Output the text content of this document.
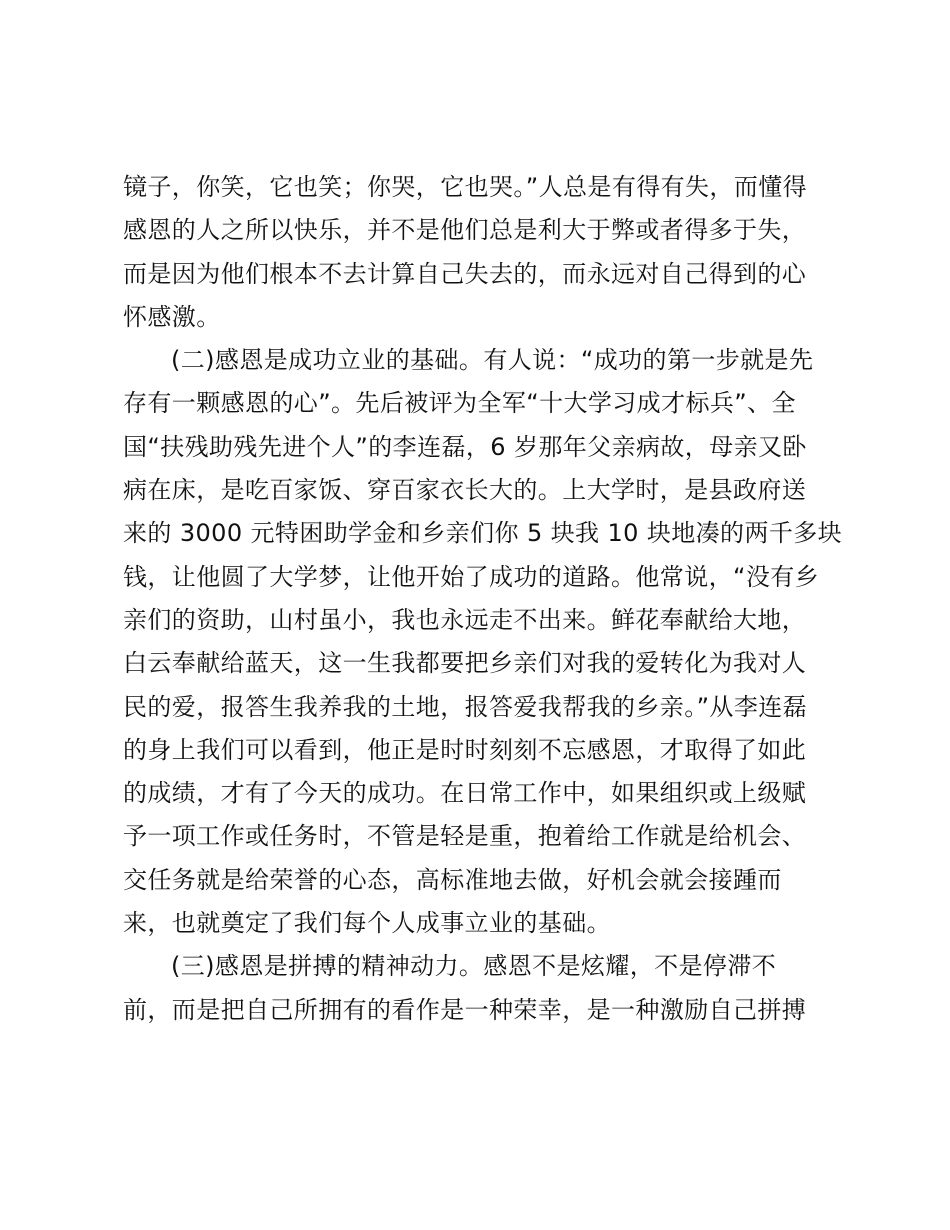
镜子，你笑，它也笑；你哭，它也哭。”人总是有得有失，而懂得
感恩的人之所以快乐，并不是他们总是利大于弊或者得多于失，
而是因为他们根本不去计算自己失去的，而永远对自己得到的心
怀感激。
(二)感恩是成功立业的基础。有人说：“成功的第一步就是先
存有一颗感恩的心”。先后被评为全军“十大学习成才标兵”、全
国“扶残助残先进个人”的李连磊，6 岁那年父亲病故，母亲又卧
病在床，是吃百家饭、穿百家衣长大的。上大学时，是县政府送
来的 3000 元特困助学金和乡亲们你 5 块我 10 块地凑的两千多块
钱，让他圆了大学梦，让他开始了成功的道路。他常说，“没有乡
亲们的资助，山村虽小，我也永远走不出来。鲜花奉献给大地，
白云奉献给蓝天，这一生我都要把乡亲们对我的爱转化为我对人
民的爱，报答生我养我的土地，报答爱我帮我的乡亲。”从李连磊
的身上我们可以看到，他正是时时刻刻不忘感恩，才取得了如此
的成绩，才有了今天的成功。在日常工作中，如果组织或上级赋
予一项工作或任务时，不管是轻是重，抱着给工作就是给机会、
交任务就是给荣誉的心态，高标准地去做，好机会就会接踵而
来，也就奠定了我们每个人成事立业的基础。
(三)感恩是拼搏的精神动力。感恩不是炫耀，不是停滞不
前，而是把自己所拥有的看作是一种荣幸，是一种激励自己拼搏
